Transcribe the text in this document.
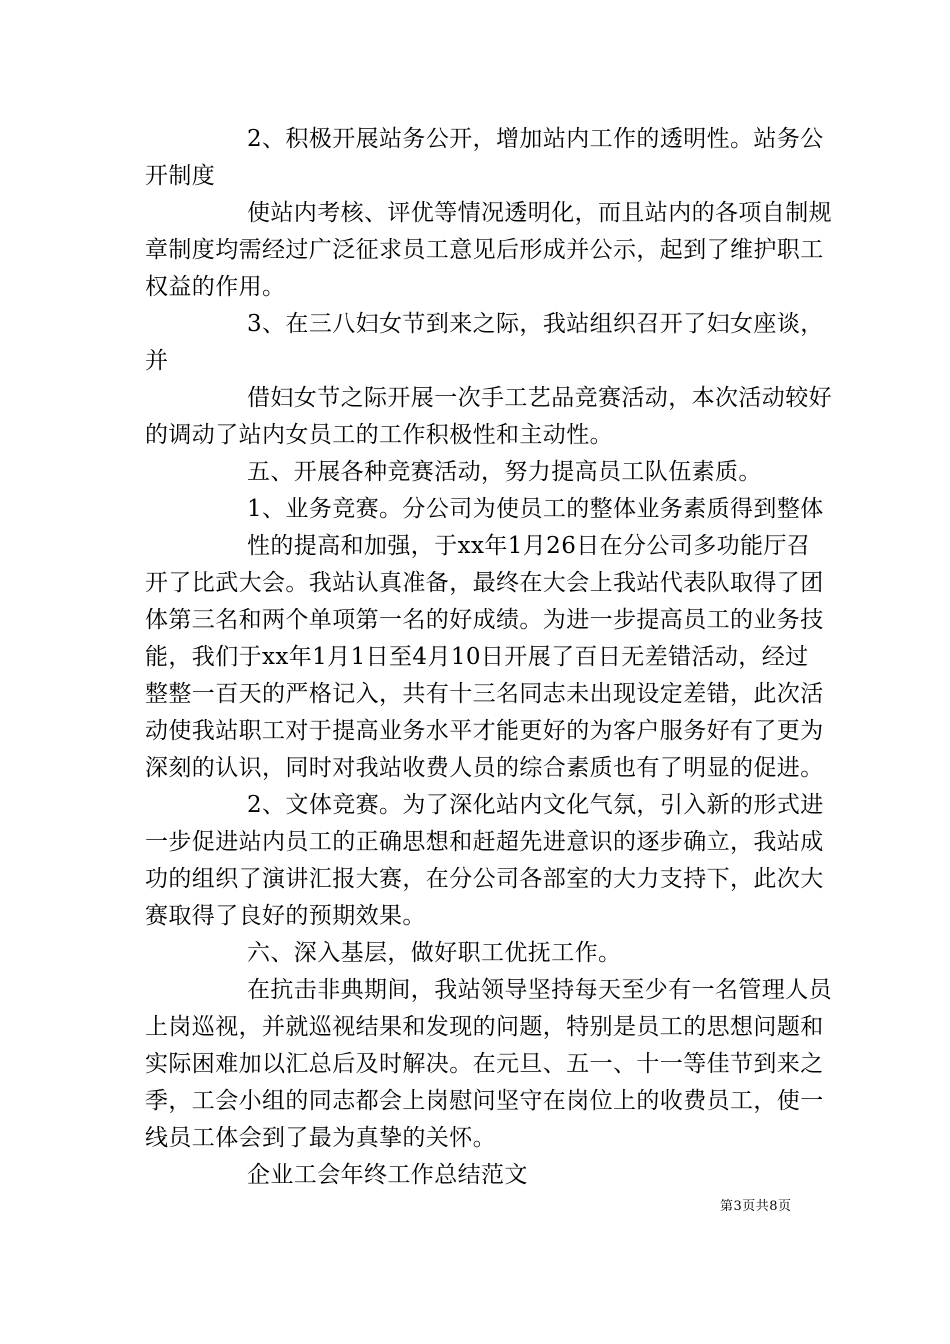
2、积极开展站务公开，增加站内工作的透明性。站务公
开制度
使站内考核、评优等情况透明化，而且站内的各项自制规
章制度均需经过广泛征求员工意见后形成并公示，起到了维护职工
权益的作用。
3、在三八妇女节到来之际，我站组织召开了妇女座谈，
并
借妇女节之际开展一次手工艺品竞赛活动，本次活动较好
的调动了站内女员工的工作积极性和主动性。
五、开展各种竞赛活动，努力提高员工队伍素质。
1、业务竞赛。分公司为使员工的整体业务素质得到整体
性的提高和加强，于xx年1月26日在分公司多功能厅召
开了比武大会。我站认真准备，最终在大会上我站代表队取得了团
体第三名和两个单项第一名的好成绩。为进一步提高员工的业务技
能，我们于xx年1月1日至4月10日开展了百日无差错活动，经过
整整一百天的严格记入，共有十三名同志未出现设定差错，此次活
动使我站职工对于提高业务水平才能更好的为客户服务好有了更为
深刻的认识，同时对我站收费人员的综合素质也有了明显的促进。
2、文体竞赛。为了深化站内文化气氛，引入新的形式进
一步促进站内员工的正确思想和赶超先进意识的逐步确立，我站成
功的组织了演讲汇报大赛，在分公司各部室的大力支持下，此次大
赛取得了良好的预期效果。
六、深入基层，做好职工优抚工作。
在抗击非典期间，我站领导坚持每天至少有一名管理人员
上岗巡视，并就巡视结果和发现的问题，特别是员工的思想问题和
实际困难加以汇总后及时解决。在元旦、五一、十一等佳节到来之
季，工会小组的同志都会上岗慰问坚守在岗位上的收费员工，使一
线员工体会到了最为真挚的关怀。
企业工会年终工作总结范文
第3页共8页
